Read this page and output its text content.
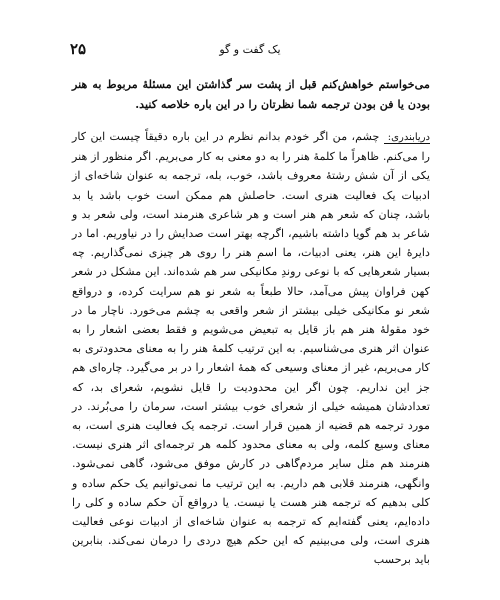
۲۵	یک گفت و گو
می‌خواستم خواهش‌کنم قبل از پشت سر گذاشتن این مسئلهٔ مربوط به هنر بودن یا فن بودن ترجمه شما نظرتان را در این باره خلاصه کنید.

دریابندری: چشم، من اگر خودم بدانم نظرم در این باره دقیقاً چیست این کار را می‌کنم. ظاهراً ما کلمهٔ هنر را به دو معنی به کار می‌بریم. اگر منظور از هنر یکی از آن شش رشتهٔ معروف باشد، خوب، بله، ترجمه به عنوان شاخه‌ای از ادبیات یک فعالیت هنری است. حاصلش هم ممکن است خوب باشد یا بد باشد، چنان که شعر هم هنر است و هر شاعری هنرمند است، ولی شعر بد و شاعر بد هم گویا داشته باشیم، اگرچه بهتر است صدایش را در نیاوریم. اما در دایرهٔ این هنر، یعنی ادبیات، ما اسمِ هنر را روی هر چیزی نمی‌گذاریم. چه بسیار شعرهایی که با نوعی روندِ مکانیکی سر هم شده‌اند. این مشکل در شعر کهن فراوان پیش می‌آمد، حالا طبعاً به شعر نو هم سرایت کرده، و درواقع شعر نو مکانیکی خیلی بیشتر از شعر واقعی به چشم می‌خورد. ناچار ما در خود مقولهٔ هنر هم باز قایل به تبعیض می‌شویم و فقط بعضی اشعار را به عنوان اثر هنری می‌شناسیم. به این ترتیب کلمهٔ هنر را به معنای محدودتری به کار می‌بریم، غیر از معنای وسیعی که همهٔ اشعار را در بر می‌گیرد. چاره‌ای هم جز این نداریم. چون اگر این محدودیت را قایل نشویم، شعرای بد، که تعدادشان همیشه خیلی از شعرای خوب بیشتر است، سرمان را می‌بُرند. در مورد ترجمه هم قضیه از همین قرار است. ترجمه یک فعالیت هنری است، به معنای وسیع کلمه، ولی به معنای محدود کلمه هر ترجمه‌ای اثر هنری نیست. هنرمند هم مثل سایر مردم‌گاهی در کارش موفق می‌شود، گاهی نمی‌شود. وانگهی، هنرمند قلابی هم داریم. به این ترتیب ما نمی‌توانیم یک حکم ساده و کلی بدهیم که ترجمه هنر هست یا نیست. یا درواقع آن حکم ساده و کلی را داده‌ایم، یعنی گفته‌ایم که ترجمه به عنوان شاخه‌ای از ادبیات نوعی فعالیت هنری است، ولی می‌بینیم که این حکم هیچ دردی را درمان نمی‌کند. بنابرین باید برحسب
